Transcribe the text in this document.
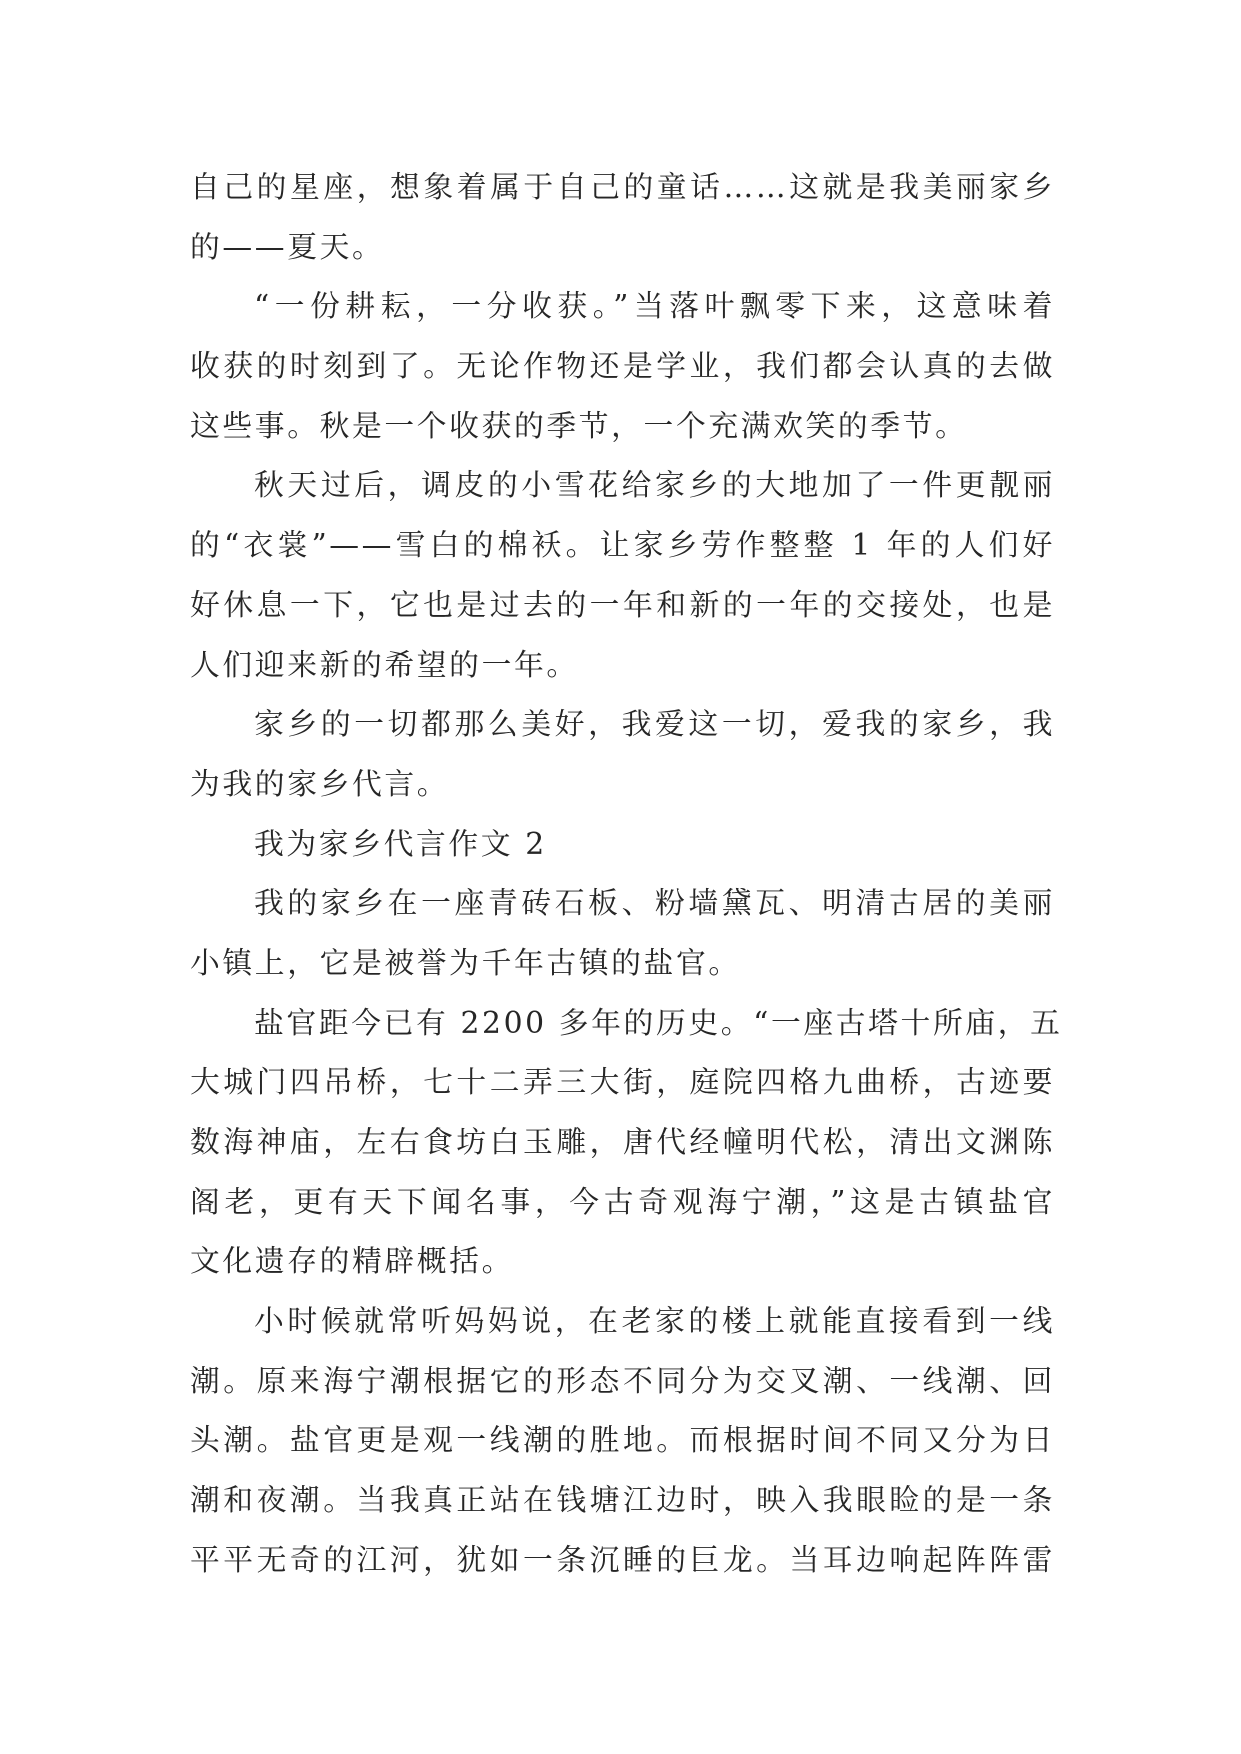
自己的星座，想象着属于自己的童话……这就是我美丽家乡
的——夏天。
“一份耕耘，一分收获。”当落叶飘零下来，这意味着
收获的时刻到了。无论作物还是学业，我们都会认真的去做
这些事。秋是一个收获的季节，一个充满欢笑的季节。
秋天过后，调皮的小雪花给家乡的大地加了一件更靓丽
的“衣裳”——雪白的棉袄。让家乡劳作整整 1 年的人们好
好休息一下，它也是过去的一年和新的一年的交接处，也是
人们迎来新的希望的一年。
家乡的一切都那么美好，我爱这一切，爱我的家乡，我
为我的家乡代言。
我为家乡代言作文 2
我的家乡在一座青砖石板、粉墙黛瓦、明清古居的美丽
小镇上，它是被誉为千年古镇的盐官。
盐官距今已有 2200 多年的历史。“一座古塔十所庙，五
大城门四吊桥，七十二弄三大街，庭院四格九曲桥，古迹要
数海神庙，左右食坊白玉雕，唐代经幢明代松，清出文渊陈
阁老，更有天下闻名事，今古奇观海宁潮，”这是古镇盐官
文化遗存的精辟概括。
小时候就常听妈妈说，在老家的楼上就能直接看到一线
潮。原来海宁潮根据它的形态不同分为交叉潮、一线潮、回
头潮。盐官更是观一线潮的胜地。而根据时间不同又分为日
潮和夜潮。当我真正站在钱塘江边时，映入我眼睑的是一条
平平无奇的江河，犹如一条沉睡的巨龙。当耳边响起阵阵雷
